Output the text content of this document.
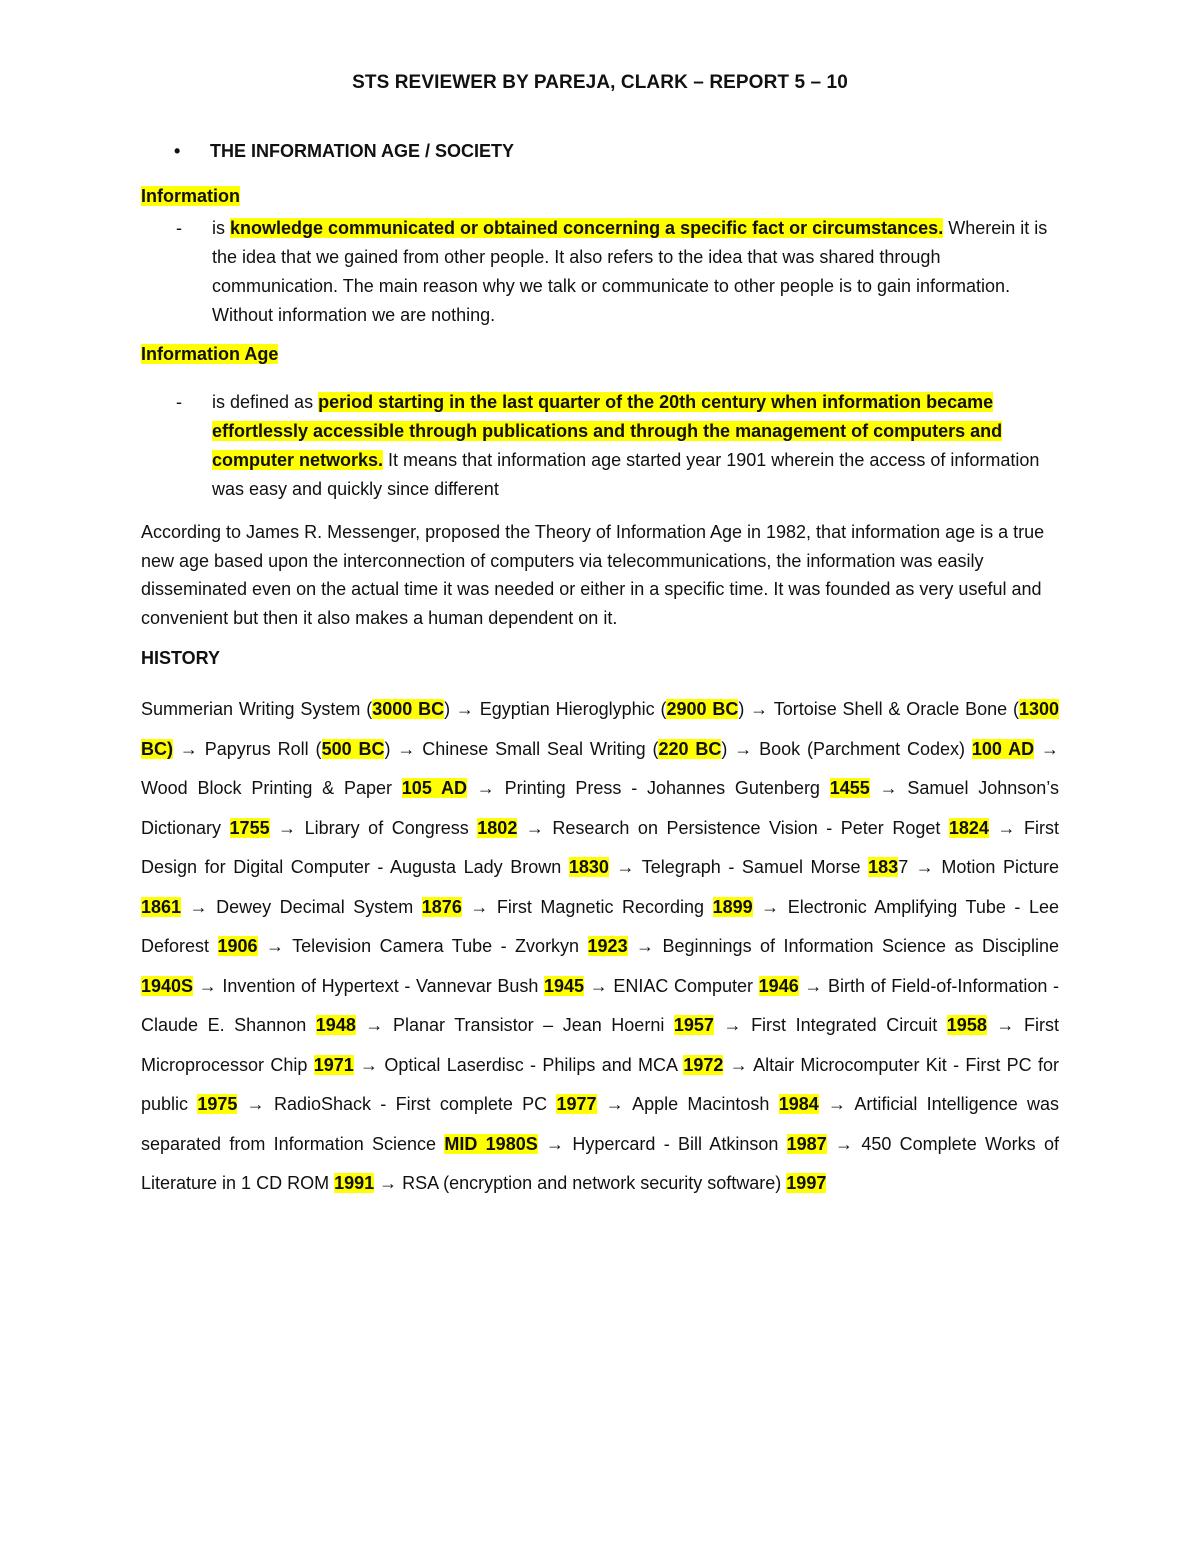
STS REVIEWER BY PAREJA, CLARK – REPORT 5 – 10
• THE INFORMATION AGE / SOCIETY
Information
- is knowledge communicated or obtained concerning a specific fact or circumstances. Wherein it is the idea that we gained from other people. It also refers to the idea that was shared through communication. The main reason why we talk or communicate to other people is to gain information. Without information we are nothing.
Information Age
- is defined as period starting in the last quarter of the 20th century when information became effortlessly accessible through publications and through the management of computers and computer networks. It means that information age started year 1901 wherein the access of information was easy and quickly since different
According to James R. Messenger, proposed the Theory of Information Age in 1982, that information age is a true new age based upon the interconnection of computers via telecommunications, the information was easily disseminated even on the actual time it was needed or either in a specific time. It was founded as very useful and convenient but then it also makes a human dependent on it.
HISTORY
Summerian Writing System (3000 BC) → Egyptian Hieroglyphic (2900 BC) → Tortoise Shell & Oracle Bone (1300 BC) → Papyrus Roll (500 BC) → Chinese Small Seal Writing (220 BC) → Book (Parchment Codex) 100 AD → Wood Block Printing & Paper 105 AD → Printing Press - Johannes Gutenberg 1455 → Samuel Johnson’s Dictionary 1755 → Library of Congress 1802 → Research on Persistence Vision - Peter Roget 1824 → First Design for Digital Computer - Augusta Lady Brown 1830 → Telegraph - Samuel Morse 1837 → Motion Picture 1861 → Dewey Decimal System 1876 → First Magnetic Recording 1899 → Electronic Amplifying Tube - Lee Deforest 1906 → Television Camera Tube - Zvorkyn 1923 → Beginnings of Information Science as Discipline 1940S → Invention of Hypertext - Vannevar Bush 1945 → ENIAC Computer 1946 → Birth of Field-of-Information - Claude E. Shannon 1948 → Planar Transistor – Jean Hoerni 1957 → First Integrated Circuit 1958 → First Microprocessor Chip 1971 → Optical Laserdisc - Philips and MCA 1972 → Altair Microcomputer Kit - First PC for public 1975 → RadioShack - First complete PC 1977 → Apple Macintosh 1984 → Artificial Intelligence was separated from Information Science MID 1980S → Hypercard - Bill Atkinson 1987 → 450 Complete Works of Literature in 1 CD ROM 1991 → RSA (encryption and network security software) 1997
